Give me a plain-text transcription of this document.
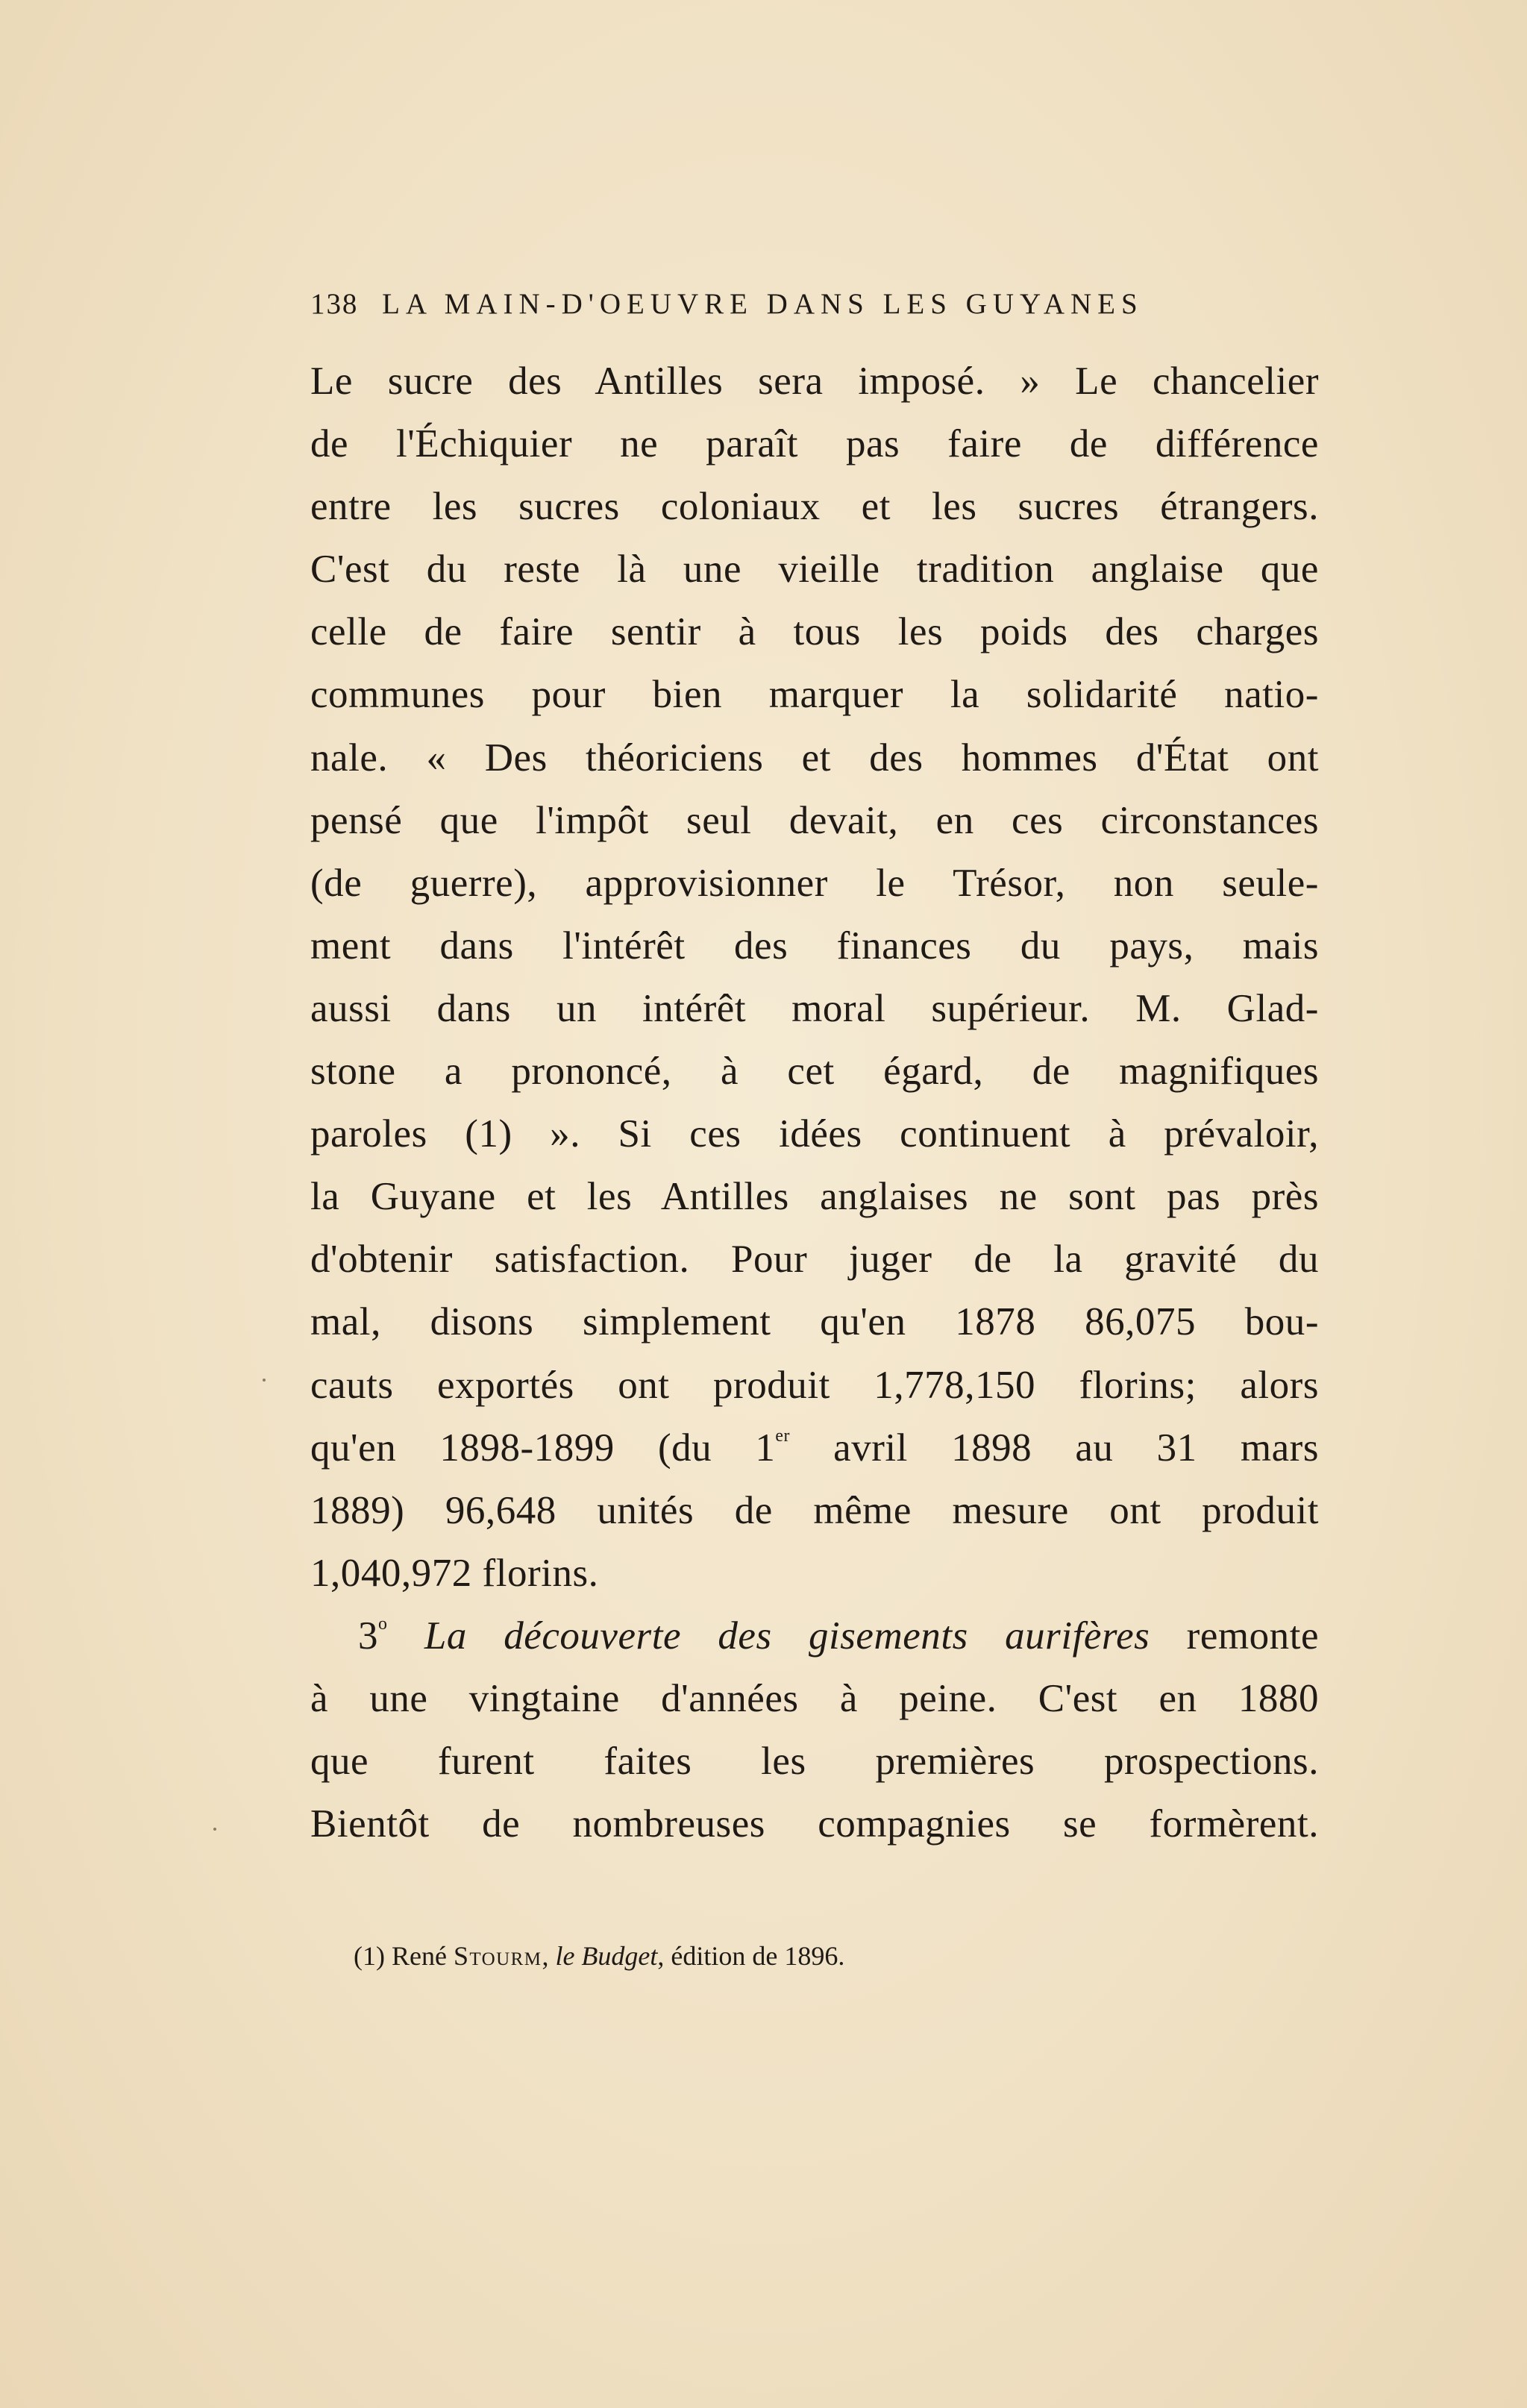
138 LA MAIN-D'OEUVRE DANS LES GUYANES
Le sucre des Antilles sera imposé. » Le chancelier
de l'Échiquier ne paraît pas faire de différence
entre les sucres coloniaux et les sucres étrangers.
C'est du reste là une vieille tradition anglaise que
celle de faire sentir à tous les poids des charges
communes pour bien marquer la solidarité natio-
nale. « Des théoriciens et des hommes d'État ont
pensé que l'impôt seul devait, en ces circonstances
(de guerre), approvisionner le Trésor, non seule-
ment dans l'intérêt des finances du pays, mais
aussi dans un intérêt moral supérieur. M. Glad-
stone a prononcé, à cet égard, de magnifiques
paroles (1) ». Si ces idées continuent à prévaloir,
la Guyane et les Antilles anglaises ne sont pas près
d'obtenir satisfaction. Pour juger de la gravité du
mal, disons simplement qu'en 1878 86,075 bou-
cauts exportés ont produit 1,778,150 florins; alors
qu'en 1898-1899 (du 1er avril 1898 au 31 mars
1889) 96,648 unités de même mesure ont produit
1,040,972 florins.
3$^o$ La découverte des gisements aurifères remonte
à une vingtaine d'années à peine. C'est en 1880
que furent faites les premières prospections.
Bientôt de nombreuses compagnies se formèrent.
(1) René Stourm, le Budget, édition de 1896.
